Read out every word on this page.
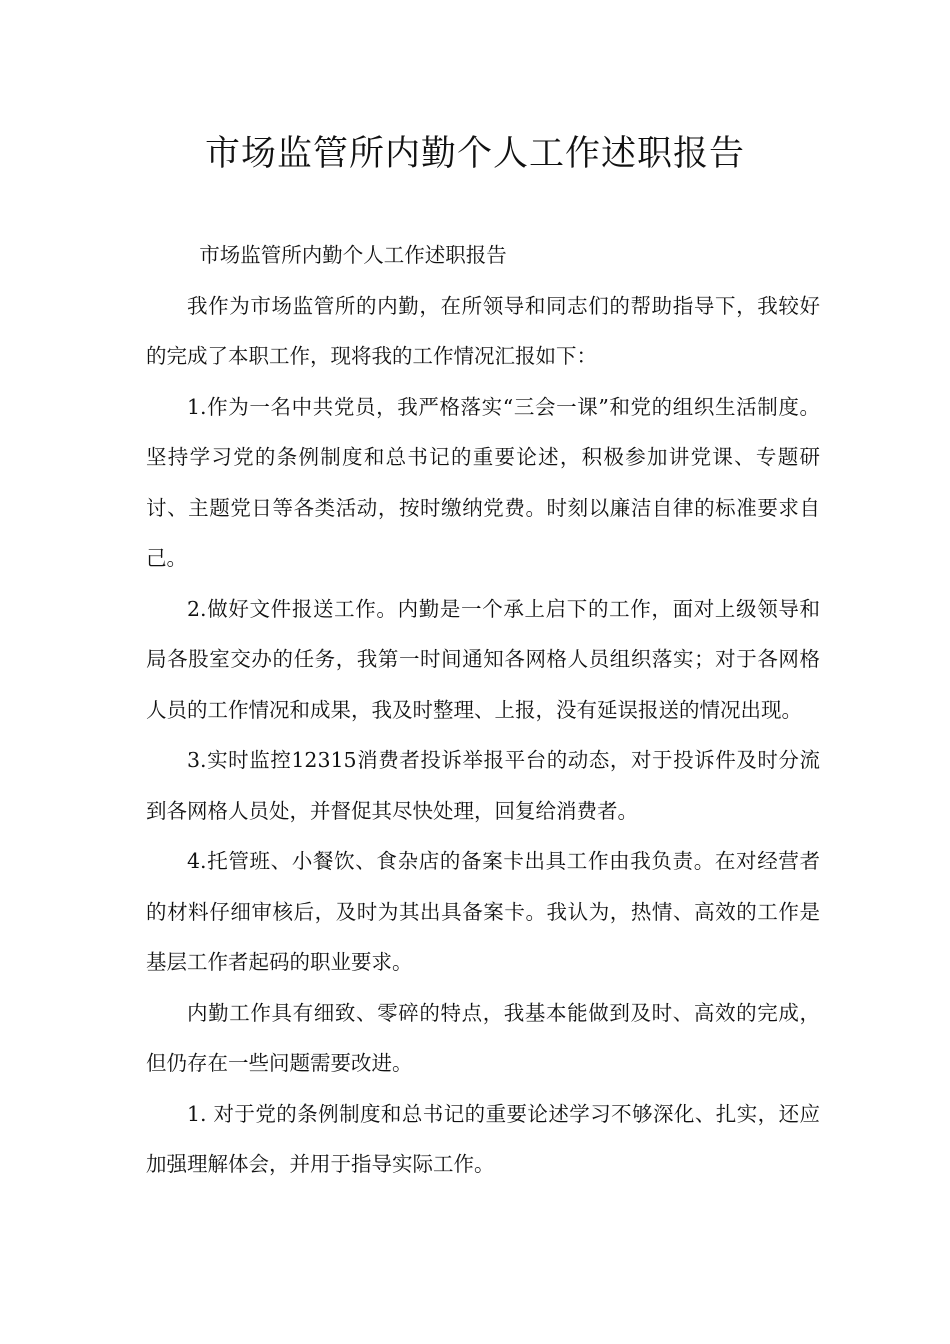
市场监管所内勤个人工作述职报告

市场监管所内勤个人工作述职报告

我作为市场监管所的内勤，在所领导和同志们的帮助指导下，我较好的完成了本职工作，现将我的工作情况汇报如下：

1.作为一名中共党员，我严格落实“三会一课”和党的组织生活制度。坚持学习党的条例制度和总书记的重要论述，积极参加讲党课、专题研讨、主题党日等各类活动，按时缴纳党费。时刻以廉洁自律的标准要求自己。

2.做好文件报送工作。内勤是一个承上启下的工作，面对上级领导和局各股室交办的任务，我第一时间通知各网格人员组织落实；对于各网格人员的工作情况和成果，我及时整理、上报，没有延误报送的情况出现。

3.实时监控12315消费者投诉举报平台的动态，对于投诉件及时分流到各网格人员处，并督促其尽快处理，回复给消费者。

4.托管班、小餐饮、食杂店的备案卡出具工作由我负责。在对经营者的材料仔细审核后，及时为其出具备案卡。我认为，热情、高效的工作是基层工作者起码的职业要求。

内勤工作具有细致、零碎的特点，我基本能做到及时、高效的完成，但仍存在一些问题需要改进。

1. 对于党的条例制度和总书记的重要论述学习不够深化、扎实，还应加强理解体会，并用于指导实际工作。
